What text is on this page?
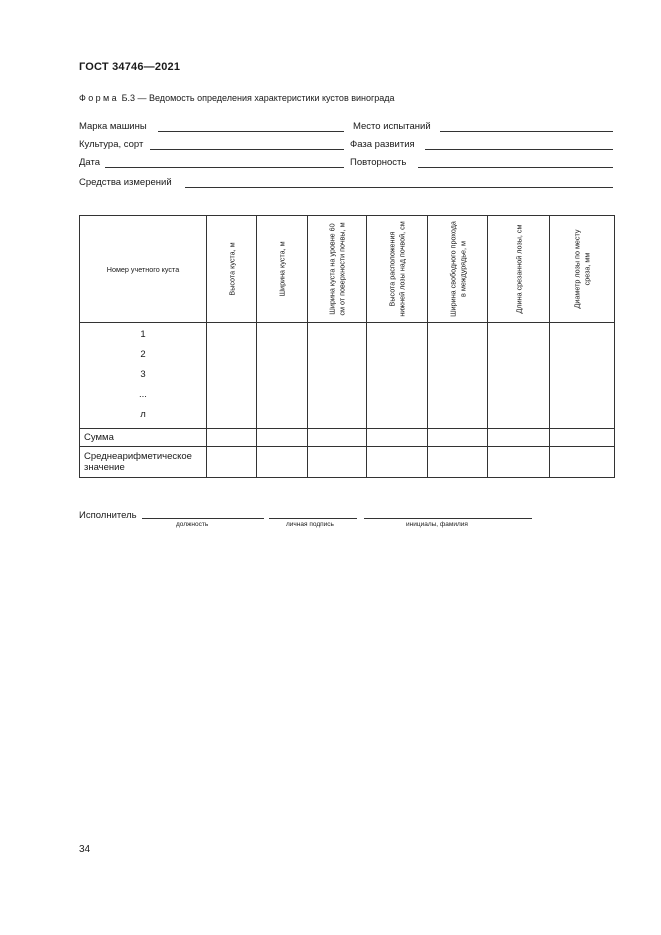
ГОСТ 34746—2021
Форма Б.3 — Ведомость определения характеристики кустов винограда
Марка машины	Место испытаний
Культура, сорт	Фаза развития
Дата	Повторность
Средства измерений
Номер учетного куста	Высота куста, м	Ширина куста, м	Ширина куста на уровне 60 см от поверхности почвы, м	Высота расположения нижней лозы над почвой, см	Ширина свободного прохода в междурядье, м	Длина срезанной лозы, см	Диаметр лозы по месту среза, мм

1
2
3
...
л							

Сумма							
Среднеарифметическое значение							
Исполнитель
должность	личная подпись	инициалы, фамилия
34
